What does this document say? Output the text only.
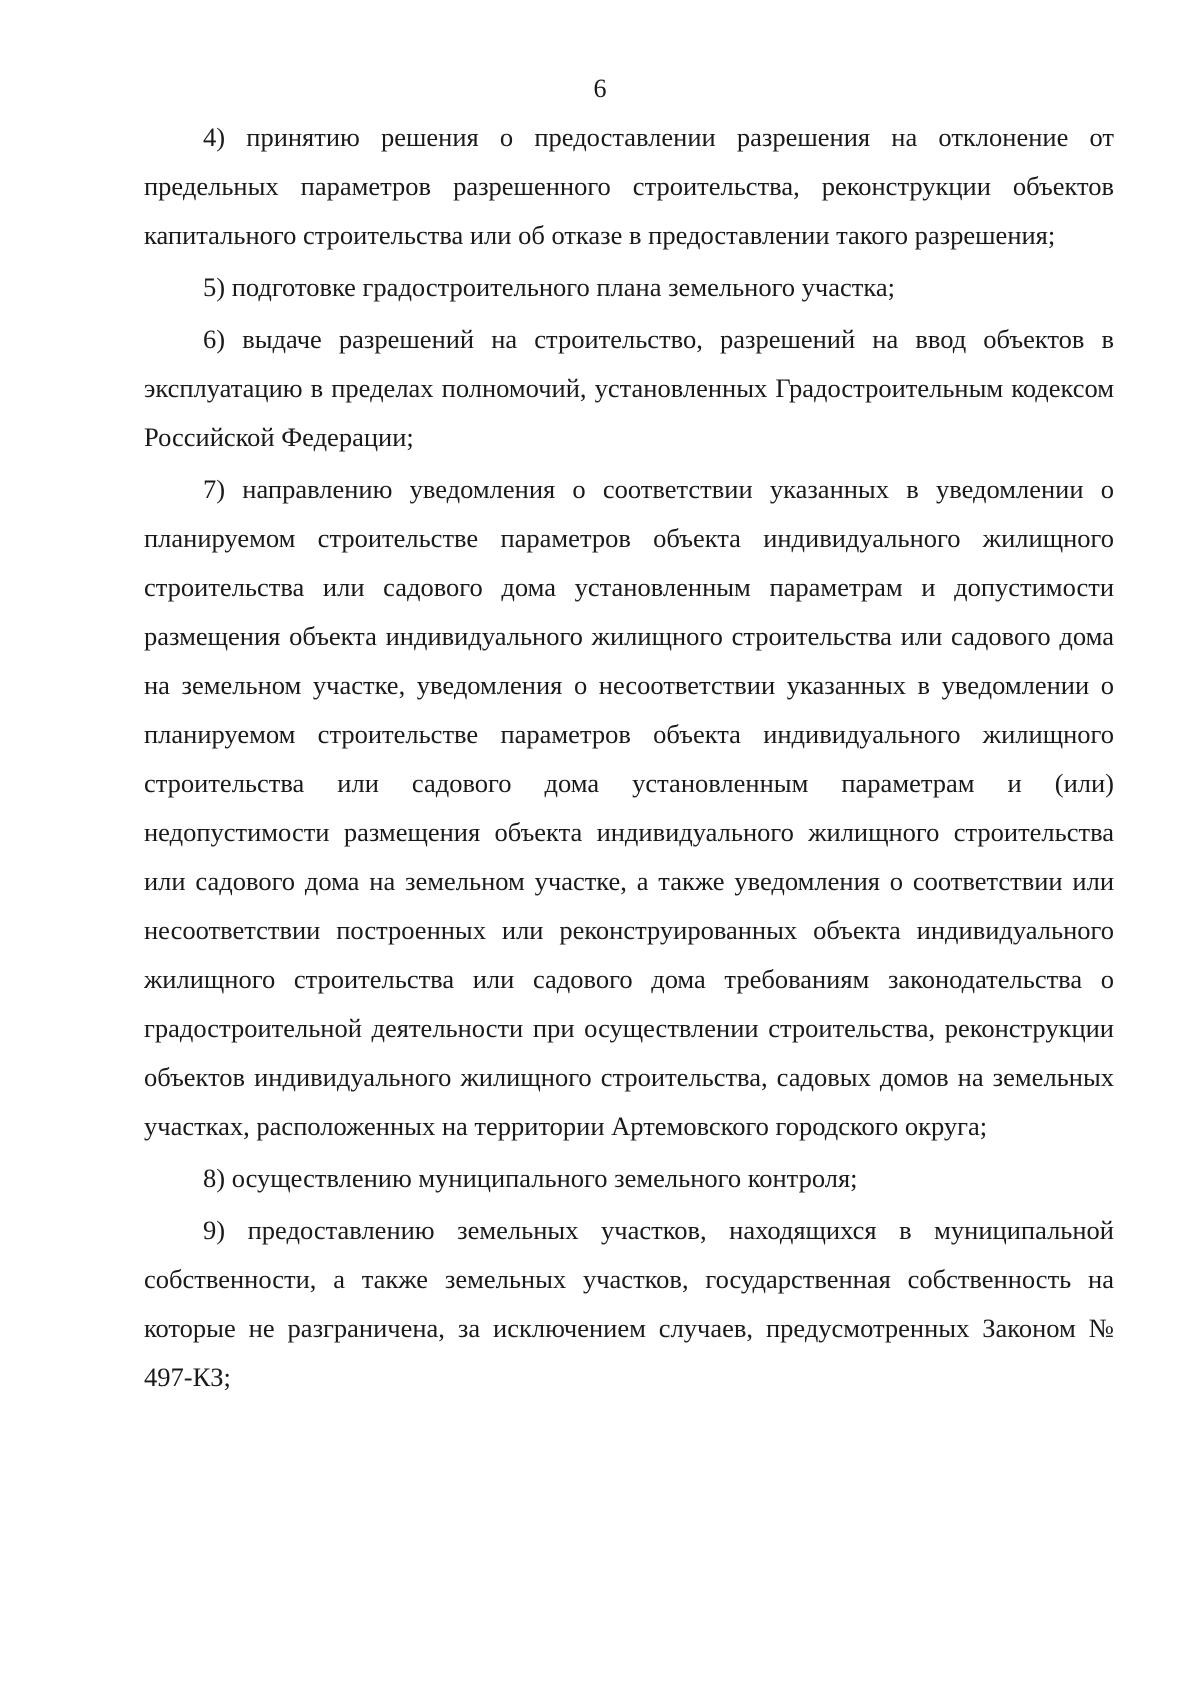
6

4) принятию решения о предоставлении разрешения на отклонение от предельных параметров разрешенного строительства, реконструкции объектов капитального строительства или об отказе в предоставлении такого разрешения;

5) подготовке градостроительного плана земельного участка;

6) выдаче разрешений на строительство, разрешений на ввод объектов в эксплуатацию в пределах полномочий, установленных Градостроительным кодексом Российской Федерации;

7) направлению уведомления о соответствии указанных в уведомлении о планируемом строительстве параметров объекта индивидуального жилищного строительства или садового дома установленным параметрам и допустимости размещения объекта индивидуального жилищного строительства или садового дома на земельном участке, уведомления о несоответствии указанных в уведомлении о планируемом строительстве параметров объекта индивидуального жилищного строительства или садового дома установленным параметрам и (или) недопустимости размещения объекта индивидуального жилищного строительства или садового дома на земельном участке, а также уведомления о соответствии или несоответствии построенных или реконструированных объекта индивидуального жилищного строительства или садового дома требованиям законодательства о градостроительной деятельности при осуществлении строительства, реконструкции объектов индивидуального жилищного строительства, садовых домов на земельных участках, расположенных на территории Артемовского городского округа;

8) осуществлению муниципального земельного контроля;

9) предоставлению земельных участков, находящихся в муниципальной собственности, а также земельных участков, государственная собственность на которые не разграничена, за исключением случаев, предусмотренных Законом № 497-КЗ;
